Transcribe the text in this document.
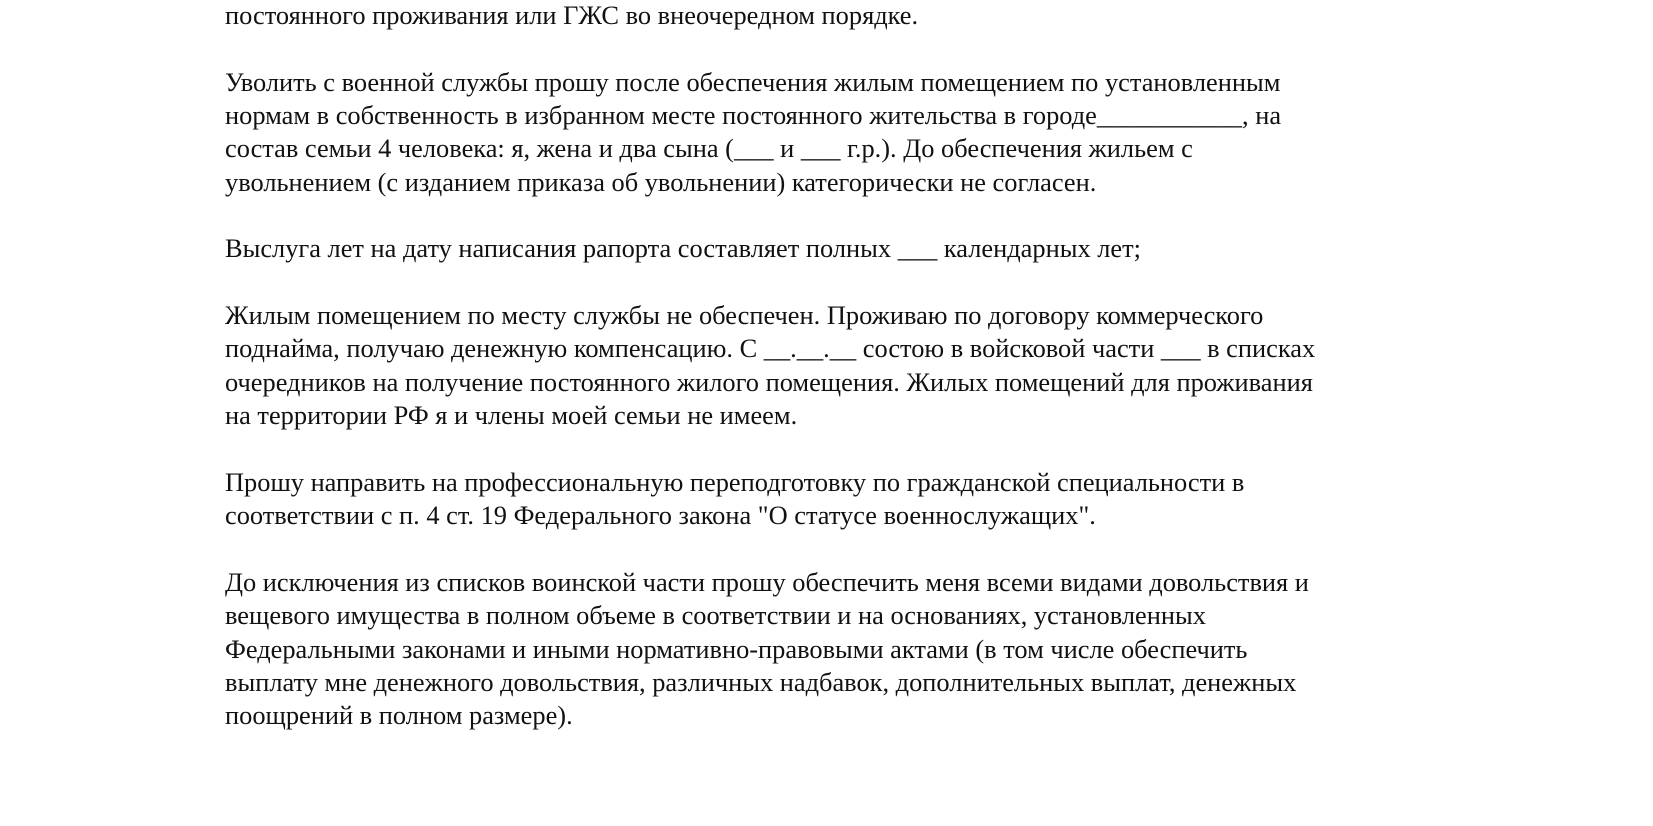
постоянного проживания или ГЖС во внеочередном порядке.
Уволить с военной службы прошу после обеспечения жилым помещением по установленным
нормам в собственность в избранном месте постоянного жительства в городе___________, на
состав семьи 4 человека: я, жена и два сына (___ и ___ г.р.). До обеспечения жильем с
увольнением (с изданием приказа об увольнении) категорически не согласен.
Выслуга лет на дату написания рапорта составляет полных ___ календарных лет;
Жилым помещением по месту службы не обеспечен. Проживаю по договору коммерческого
поднайма, получаю денежную компенсацию. С __.__.__ состою в войсковой части ___ в списках
очередников на получение постоянного жилого помещения. Жилых помещений для проживания
на территории РФ я и члены моей семьи не имеем.
Прошу направить на профессиональную переподготовку по гражданской специальности в
соответствии с п. 4 ст. 19 Федерального закона "О статусе военнослужащих".
До исключения из списков воинской части прошу обеспечить меня всеми видами довольствия и
вещевого имущества в полном объеме в соответствии и на основаниях, установленных
Федеральными законами и иными нормативно-правовыми актами (в том числе обеспечить
выплату мне денежного довольствия, различных надбавок, дополнительных выплат, денежных
поощрений в полном размере).
